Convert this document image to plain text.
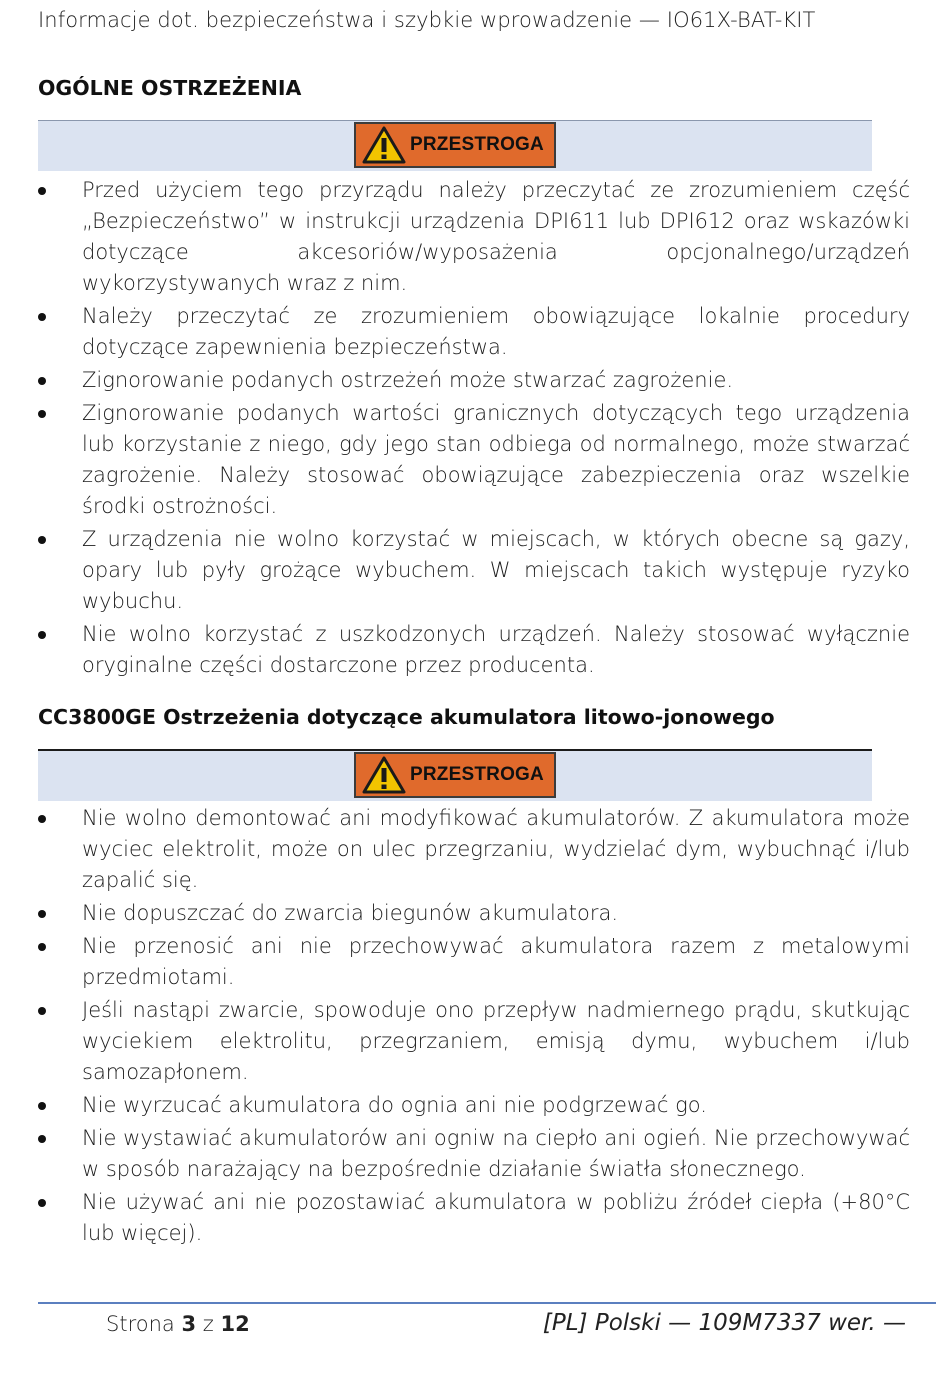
Informacje dot. bezpieczeństwa i szybkie wprowadzenie — IO61X-BAT-KIT
OGÓLNE OSTRZEŻENIA
PRZESTROGA
Przed użyciem tego przyrządu należy przeczytać ze zrozumieniem część „Bezpieczeństwo” w instrukcji urządzenia DPI611 lub DPI612 oraz wskazówki dotyczące akcesoriów/wyposażenia opcjonalnego/urządzeń wykorzystywanych wraz z nim.
Należy przeczytać ze zrozumieniem obowiązujące lokalnie procedury dotyczące zapewnienia bezpieczeństwa.
Zignorowanie podanych ostrzeżeń może stwarzać zagrożenie.
Zignorowanie podanych wartości granicznych dotyczących tego urządzenia lub korzystanie z niego, gdy jego stan odbiega od normalnego, może stwarzać zagrożenie. Należy stosować obowiązujące zabezpieczenia oraz wszelkie środki ostrożności.
Z urządzenia nie wolno korzystać w miejscach, w których obecne są gazy, opary lub pyły grożące wybuchem. W miejscach takich występuje ryzyko wybuchu.
Nie wolno korzystać z uszkodzonych urządzeń. Należy stosować wyłącznie oryginalne części dostarczone przez producenta.
CC3800GE Ostrzeżenia dotyczące akumulatora litowo-jonowego
PRZESTROGA
Nie wolno demontować ani modyfikować akumulatorów. Z akumulatora może wyciec elektrolit, może on ulec przegrzaniu, wydzielać dym, wybuchnąć i/lub zapalić się.
Nie dopuszczać do zwarcia biegunów akumulatora.
Nie przenosić ani nie przechowywać akumulatora razem z metalowymi przedmiotami.
Jeśli nastąpi zwarcie, spowoduje ono przepływ nadmiernego prądu, skutkując wyciekiem elektrolitu, przegrzaniem, emisją dymu, wybuchem i/lub samozapłonem.
Nie wyrzucać akumulatora do ognia ani nie podgrzewać go.
Nie wystawiać akumulatorów ani ogniw na ciepło ani ogień. Nie przechowywać w sposób narażający na bezpośrednie działanie światła słonecznego.
Nie używać ani nie pozostawiać akumulatora w pobliżu źródeł ciepła (+80°C lub więcej).
Strona 3 z 12	[PL] Polski — 109M7337 wer. —
